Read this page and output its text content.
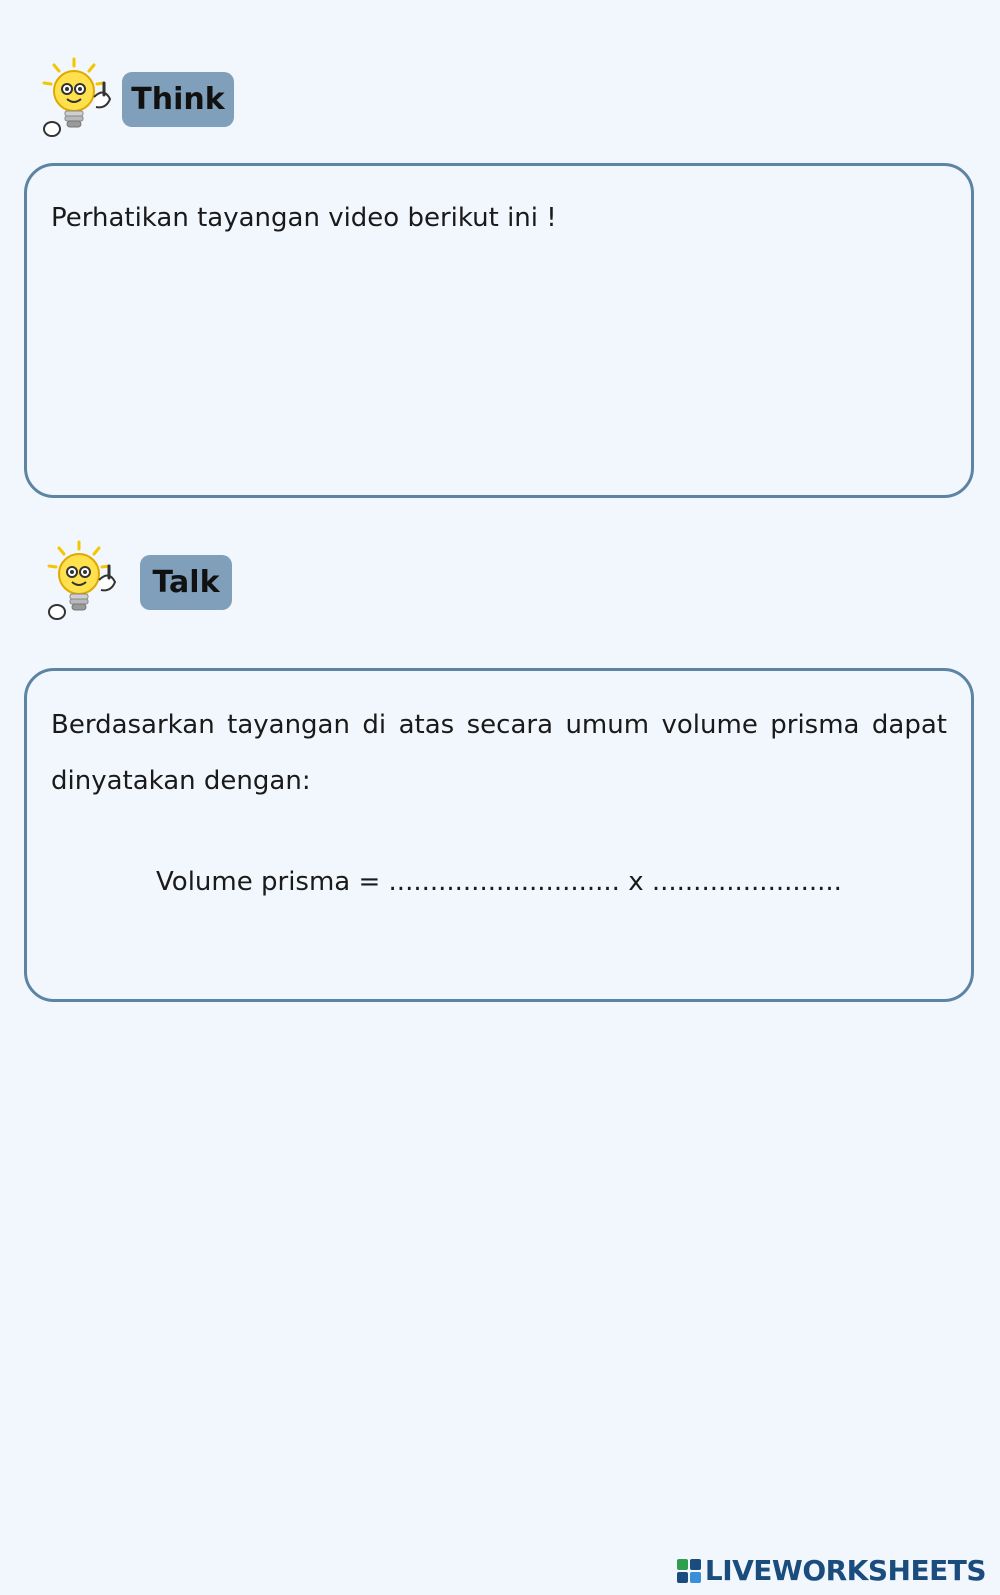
Think
Perhatikan tayangan video berikut ini !
Talk
Berdasarkan tayangan di atas secara umum volume prisma dapat dinyatakan dengan:
Volume prisma = ............................ x .......................
LIVEWORKSHEETS
